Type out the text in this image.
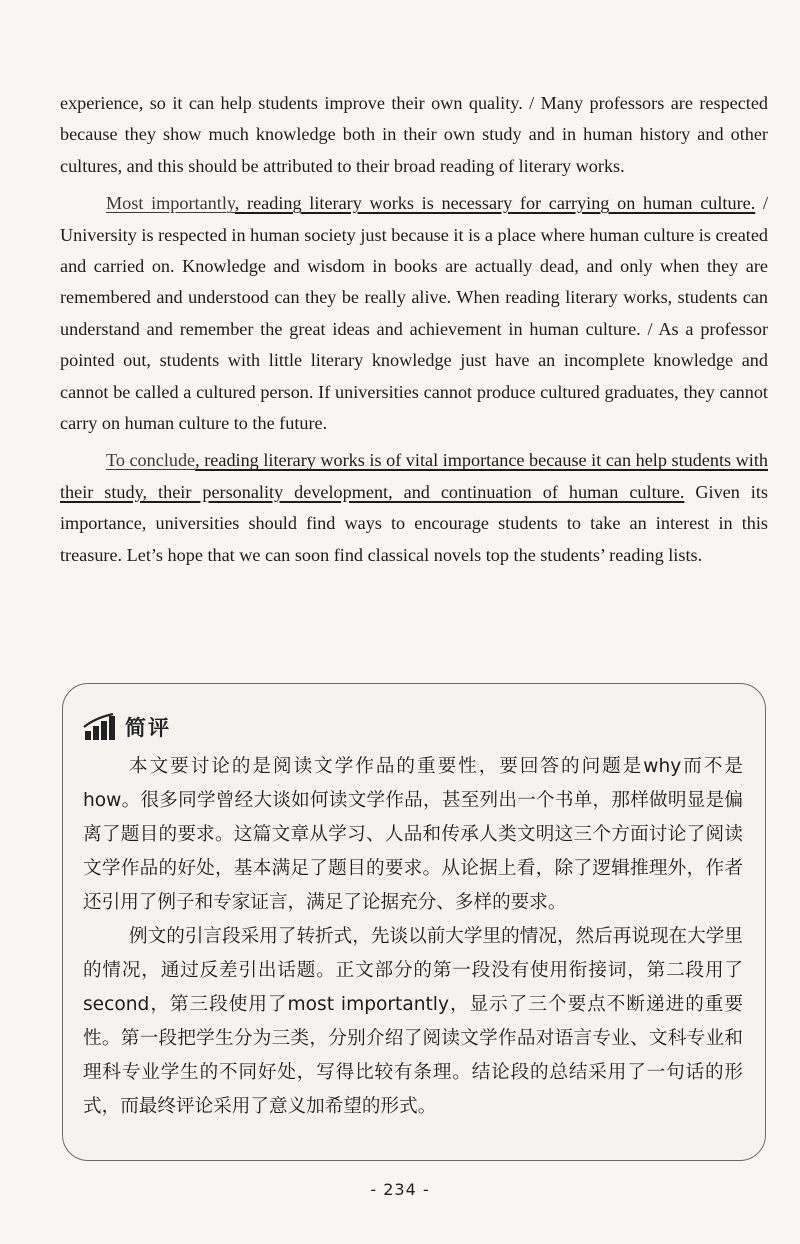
experience, so it can help students improve their own quality. / Many professors are respected because they show much knowledge both in their own study and in human history and other cultures, and this should be attributed to their broad reading of literary works.

Most importantly, reading literary works is necessary for carrying on human culture. / University is respected in human society just because it is a place where human culture is created and carried on. Knowledge and wisdom in books are actually dead, and only when they are remembered and understood can they be really alive. When reading literary works, students can understand and remember the great ideas and achievement in human culture. / As a professor pointed out, students with little literary knowledge just have an incomplete knowledge and cannot be called a cultured person. If universities cannot produce cultured graduates, they cannot carry on human culture to the future.

To conclude, reading literary works is of vital importance because it can help students with their study, their personality development, and continuation of human culture. Given its importance, universities should find ways to encourage students to take an interest in this treasure. Let’s hope that we can soon find classical novels top the students’ reading lists.

简评

本文要讨论的是阅读文学作品的重要性，要回答的问题是why而不是how。很多同学曾经大谈如何读文学作品，甚至列出一个书单，那样做明显是偏离了题目的要求。这篇文章从学习、人品和传承人类文明这三个方面讨论了阅读文学作品的好处，基本满足了题目的要求。从论据上看，除了逻辑推理外，作者还引用了例子和专家证言，满足了论据充分、多样的要求。

例文的引言段采用了转折式，先谈以前大学里的情况，然后再说现在大学里的情况，通过反差引出话题。正文部分的第一段没有使用衔接词，第二段用了second，第三段使用了most importantly，显示了三个要点不断递进的重要性。第一段把学生分为三类，分别介绍了阅读文学作品对语言专业、文科专业和理科专业学生的不同好处，写得比较有条理。结论段的总结采用了一句话的形式，而最终评论采用了意义加希望的形式。

- 234 -
